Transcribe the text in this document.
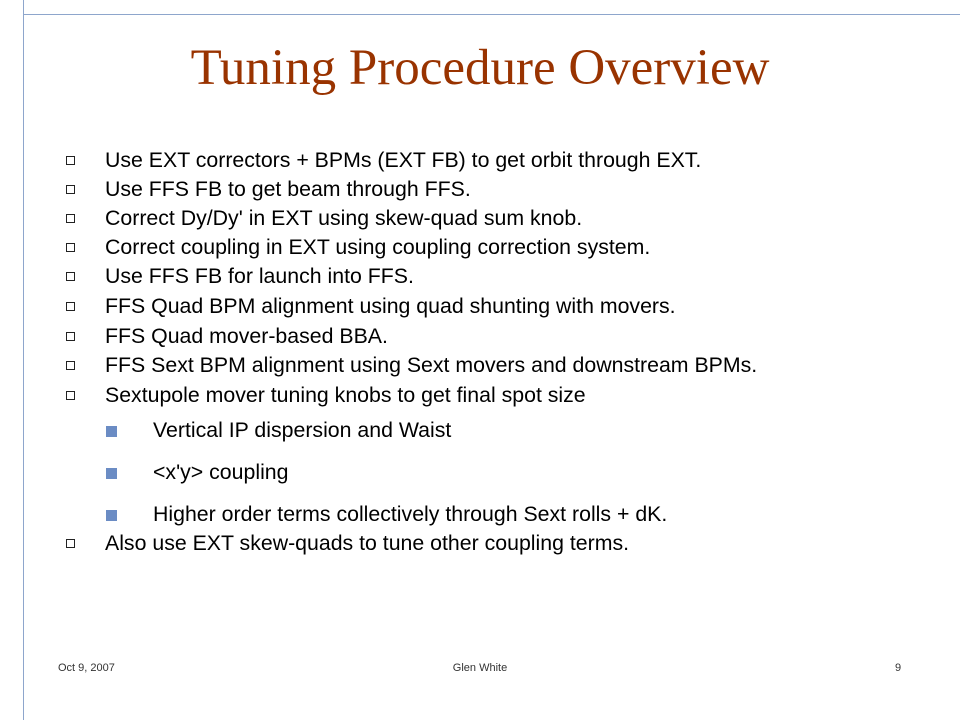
Tuning Procedure Overview
Use EXT correctors + BPMs (EXT FB) to get orbit through EXT.
Use FFS FB to get beam through FFS.
Correct Dy/Dy' in EXT using skew-quad sum knob.
Correct coupling in EXT using coupling correction system.
Use FFS FB for launch into FFS.
FFS Quad BPM alignment using quad shunting with movers.
FFS Quad mover-based BBA.
FFS Sext BPM alignment using Sext movers and downstream BPMs.
Sextupole mover tuning knobs to get final spot size
Vertical IP dispersion and Waist
<x'y> coupling
Higher order terms collectively through Sext rolls + dK.
Also use EXT skew-quads to tune other coupling terms.
Oct 9, 2007	Glen White	9
